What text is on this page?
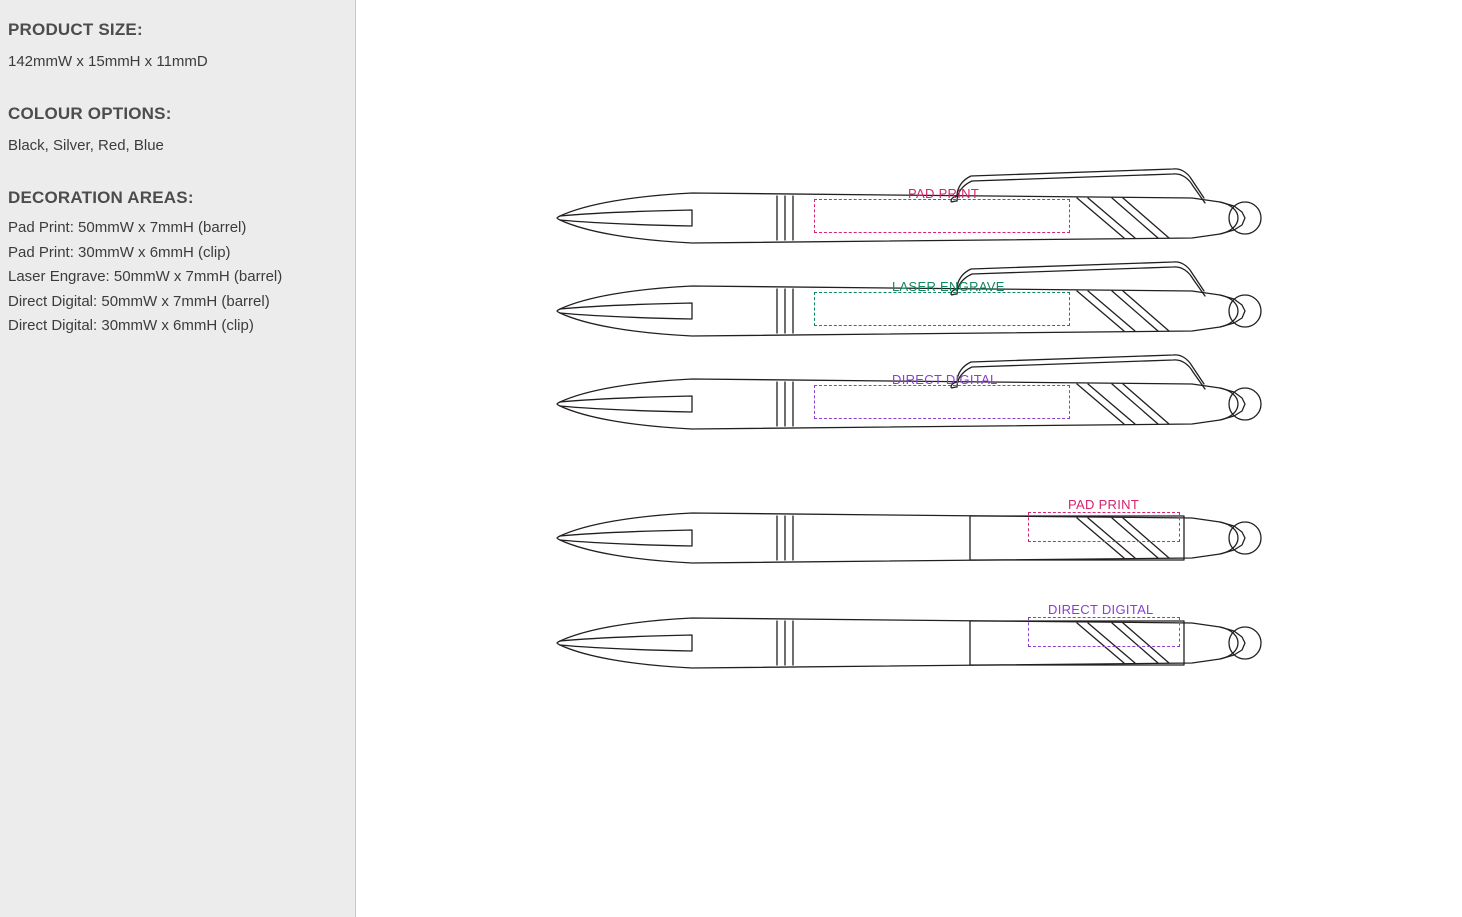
PRODUCT SIZE:
142mmW x 15mmH x 11mmD
COLOUR OPTIONS:
Black, Silver, Red, Blue
DECORATION AREAS:
Pad Print: 50mmW x 7mmH (barrel)
Pad Print: 30mmW x 6mmH (clip)
Laser Engrave: 50mmW x 7mmH (barrel)
Direct Digital: 50mmW x 7mmH (barrel)
Direct Digital: 30mmW x 6mmH (clip)
PAD PRINT
LASER ENGRAVE
DIRECT DIGITAL
PAD PRINT
DIRECT DIGITAL
